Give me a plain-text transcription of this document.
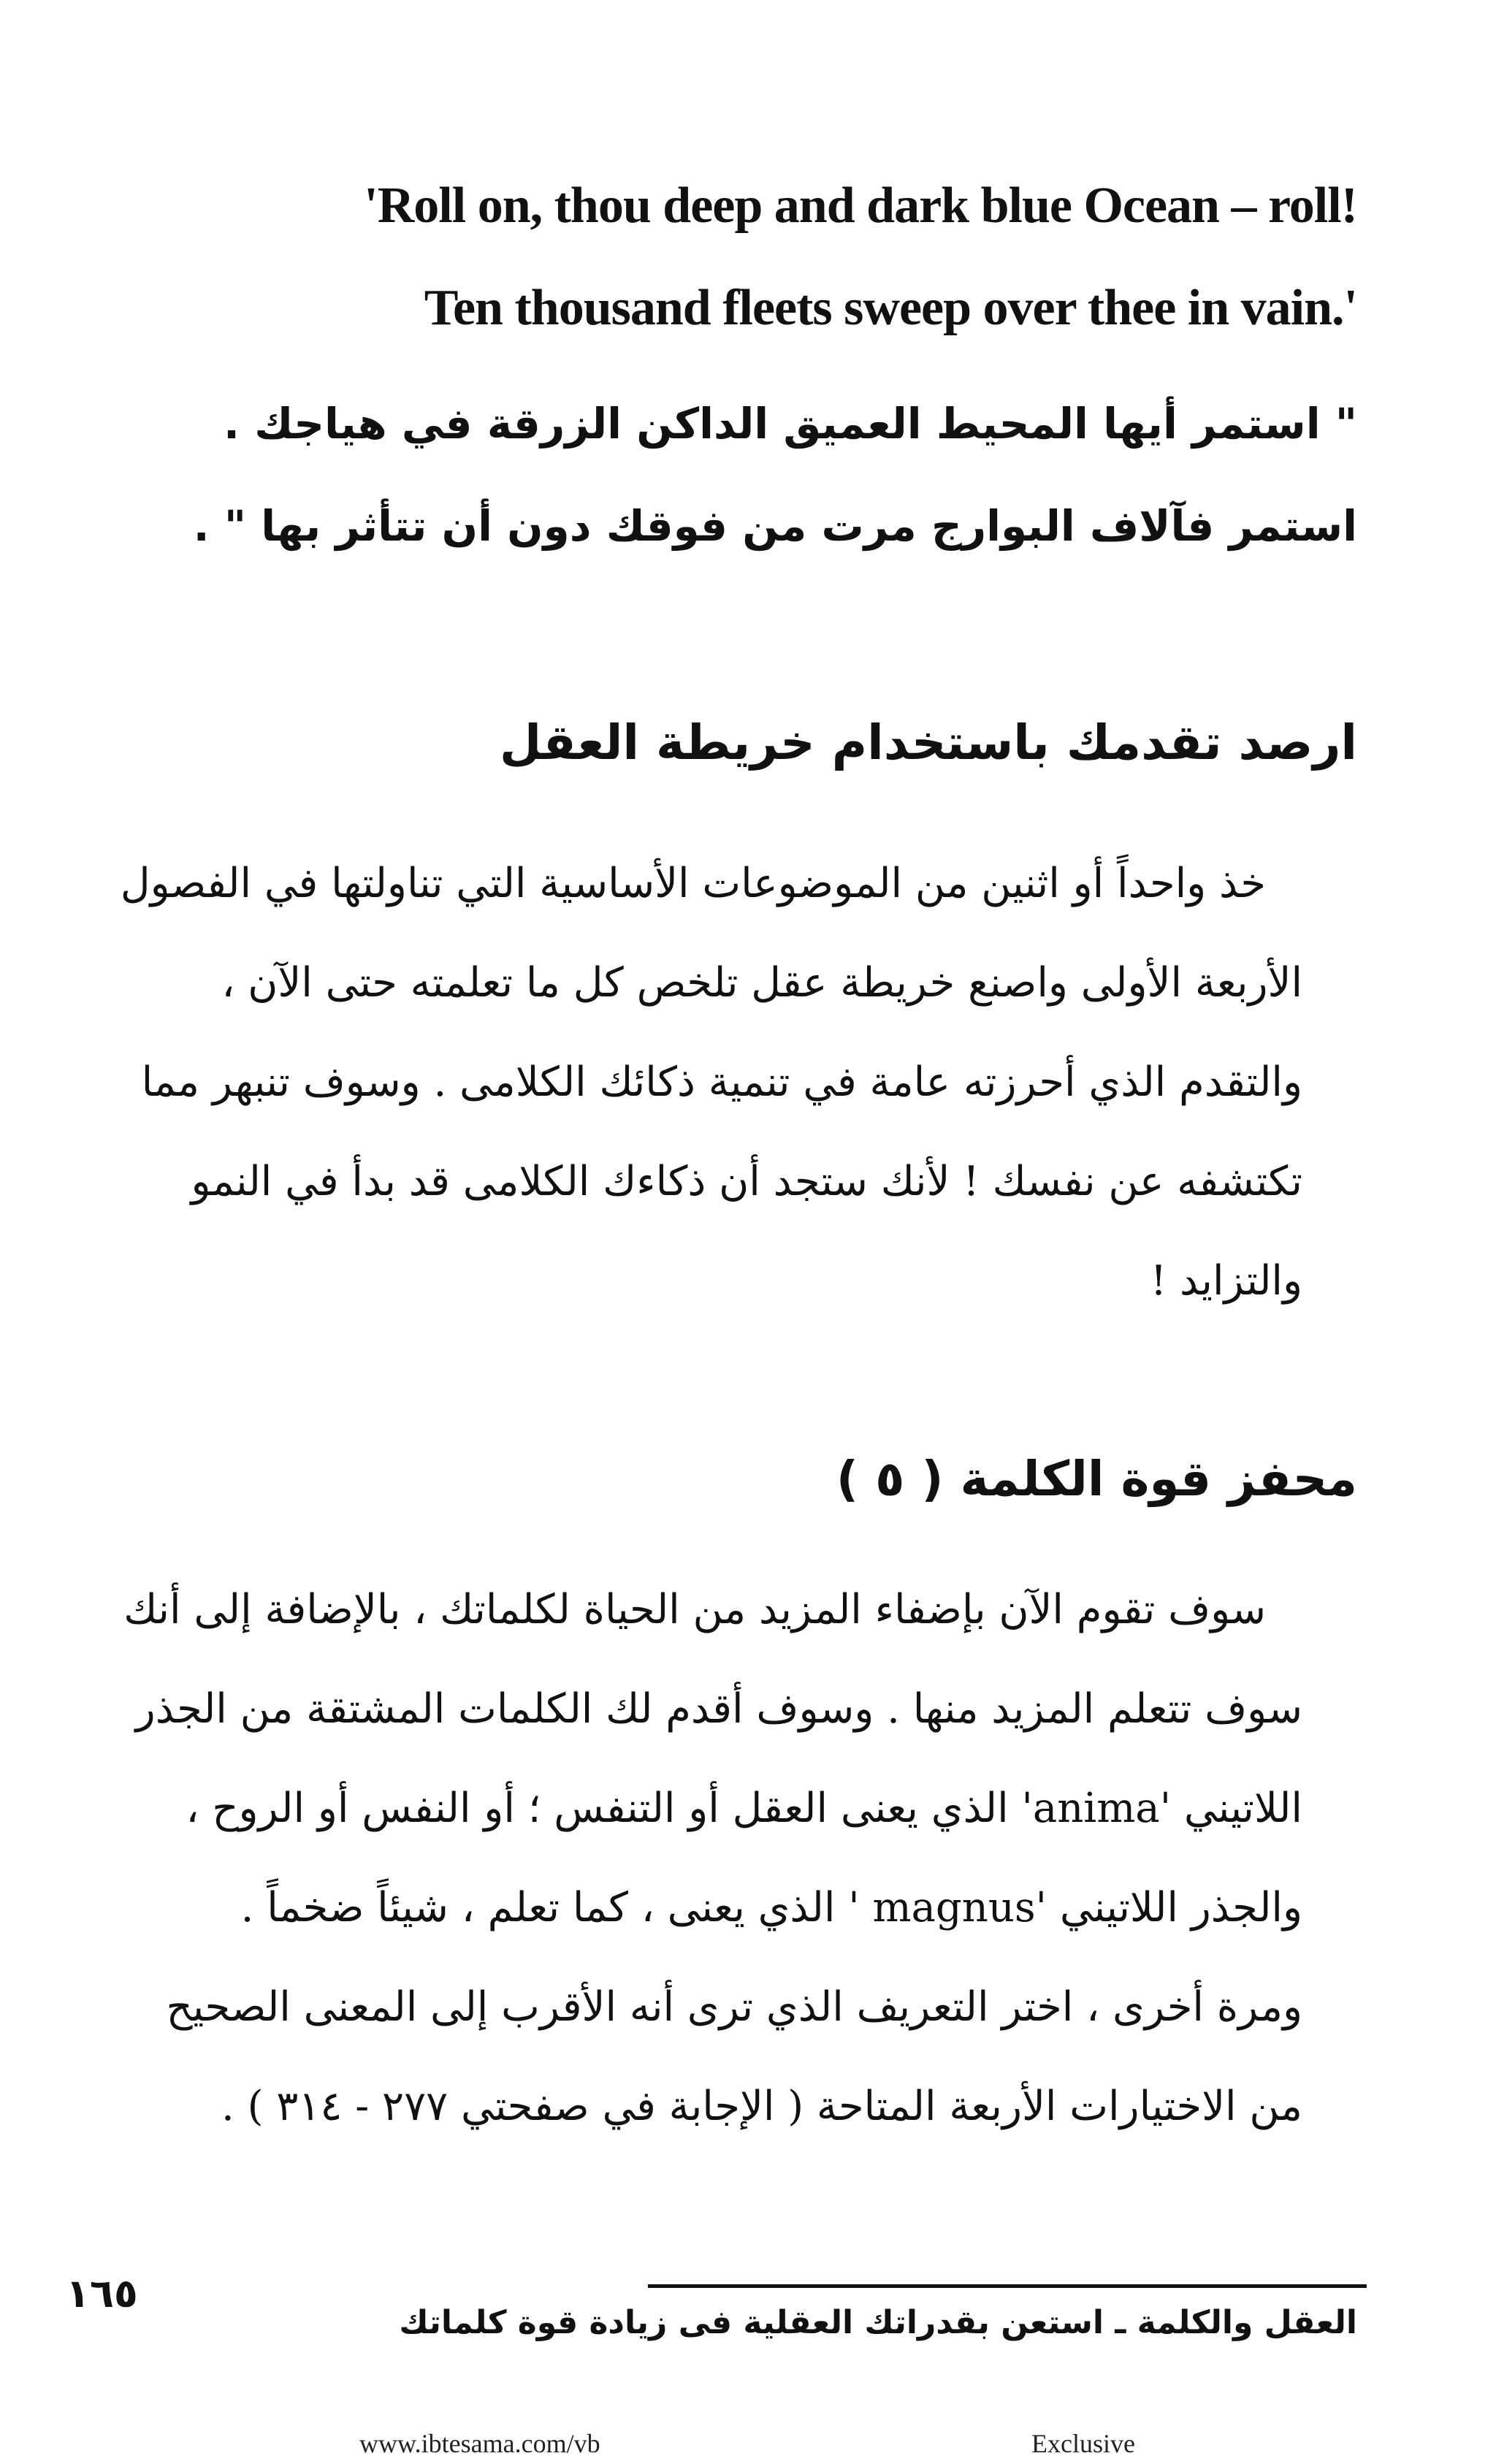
'Roll on, thou deep and dark blue Ocean – roll!
Ten thousand fleets sweep over thee in vain.'
" استمر أيها المحيط العميق الداكن الزرقة في هياجك .
استمر فآلاف البوارج مرت من فوقك دون أن تتأثر بها " .
ارصد تقدمك باستخدام خريطة العقل
خذ واحداً أو اثنين من الموضوعات الأساسية التي تناولتها في الفصول
الأربعة الأولى واصنع خريطة عقل تلخص كل ما تعلمته حتى الآن ،
والتقدم الذي أحرزته عامة في تنمية ذكائك الكلامى . وسوف تنبهر مما
تكتشفه عن نفسك ! لأنك ستجد أن ذكاءك الكلامى قد بدأ في النمو
والتزايد !
محفز قوة الكلمة ( ٥ )
سوف تقوم الآن بإضفاء المزيد من الحياة لكلماتك ، بالإضافة إلى أنك
سوف تتعلم المزيد منها . وسوف أقدم لك الكلمات المشتقة من الجذر
اللاتيني 'anima' الذي يعنى العقل أو التنفس ؛ أو النفس أو الروح ،
والجذر اللاتيني 'magnus ' الذي يعنى ، كما تعلم ، شيئاً ضخماً .
ومرة أخرى ، اختر التعريف الذي ترى أنه الأقرب إلى المعنى الصحيح
من الاختيارات الأربعة المتاحة ( الإجابة في صفحتي ٢٧٧ - ٣١٤ ) .
١٦٥
العقل والكلمة ـ استعن بقدراتك العقلية فى زيادة قوة كلماتك
www.ibtesama.com/vb	Exclusive
